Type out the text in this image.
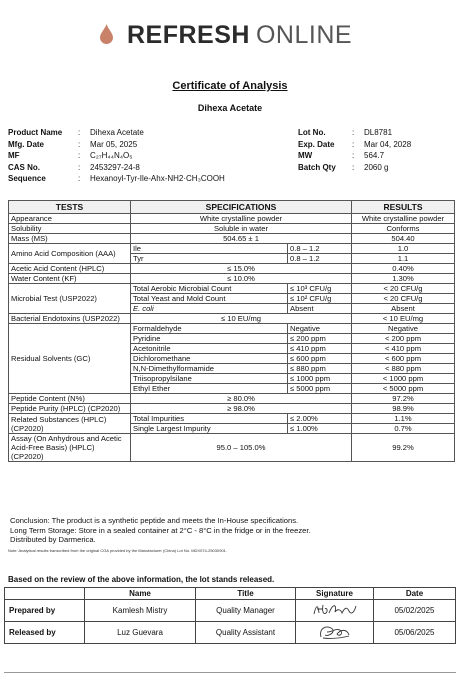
REFRESH ONLINE
Certificate of Analysis
Dihexa Acetate
Product Name	:	Dihexa Acetate
Mfg. Date	:	Mar 05, 2025
MF	:	C₂₇H₄₄N₄O₅
CAS No.	:	2453297-24-8
Sequence	:	Hexanoyl-Tyr-Ile-Ahx-NH2·CH₃COOH
Lot No.	:	DL8781
Exp. Date	:	Mar 04, 2028
MW	:	564.7
Batch Qty	:	2060 g
TESTS	SPECIFICATIONS		RESULTS
Appearance	White crystalline powder		White crystalline powder
Solubility	Soluble in water		Conforms
Mass (MS)	504.65 ± 1		504.40
Amino Acid Composition (AAA)	Ile	0.8 – 1.2	1.0
	Tyr	0.8 – 1.2	1.1
Acetic Acid Content (HPLC)	≤ 15.0%		0.40%
Water Content (KF)	≤ 10.0%		1.30%
Microbial Test (USP2022)	Total Aerobic Microbial Count	≤ 10³ CFU/g	< 20 CFU/g
	Total Yeast and Mold Count	≤ 10² CFU/g	< 20 CFU/g
	E. coli	Absent	Absent
Bacterial Endotoxins (USP2022)	≤ 10 EU/mg		< 10 EU/mg
Residual Solvents (GC)	Formaldehyde	Negative	Negative
	Pyridine	≤ 200 ppm	< 200 ppm
	Acetonitrile	≤ 410 ppm	< 410 ppm
	Dichloromethane	≤ 600 ppm	< 600 ppm
	N,N-Dimethylformamide	≤ 880 ppm	< 880 ppm
	Triisopropylsilane	≤ 1000 ppm	< 1000 ppm
	Ethyl Ether	≤ 5000 ppm	< 5000 ppm
Peptide Content (N%)	≥ 80.0%		97.2%
Peptide Purity (HPLC) (CP2020)	≥ 98.0%		98.9%
Related Substances (HPLC) (CP2020)	Total Impurities	≤ 2.00%	1.1%
	Single Largest Impurity	≤ 1.00%	0.7%
Assay (On Anhydrous and Acetic Acid-Free Basis) (HPLC) (CP2020)	95.0 – 105.0%		99.2%
Conclusion: The product is a synthetic peptide and meets the In-House specifications.
Long Term Storage: Store in a sealed container at 2°C - 8°C in the fridge or in the freezer.
Distributed by Darmerica.
Note: Analytical results transcribed from the original COA provided by the Manufacturer (China) Lot No. MDX074-25030901.
Based on the review of the above information, the lot stands released.
	Name	Title	Signature	Date
Prepared by	Kamlesh Mistry	Quality Manager		05/02/2025
Released by	Luz Guevara	Quality Assistant		05/06/2025
